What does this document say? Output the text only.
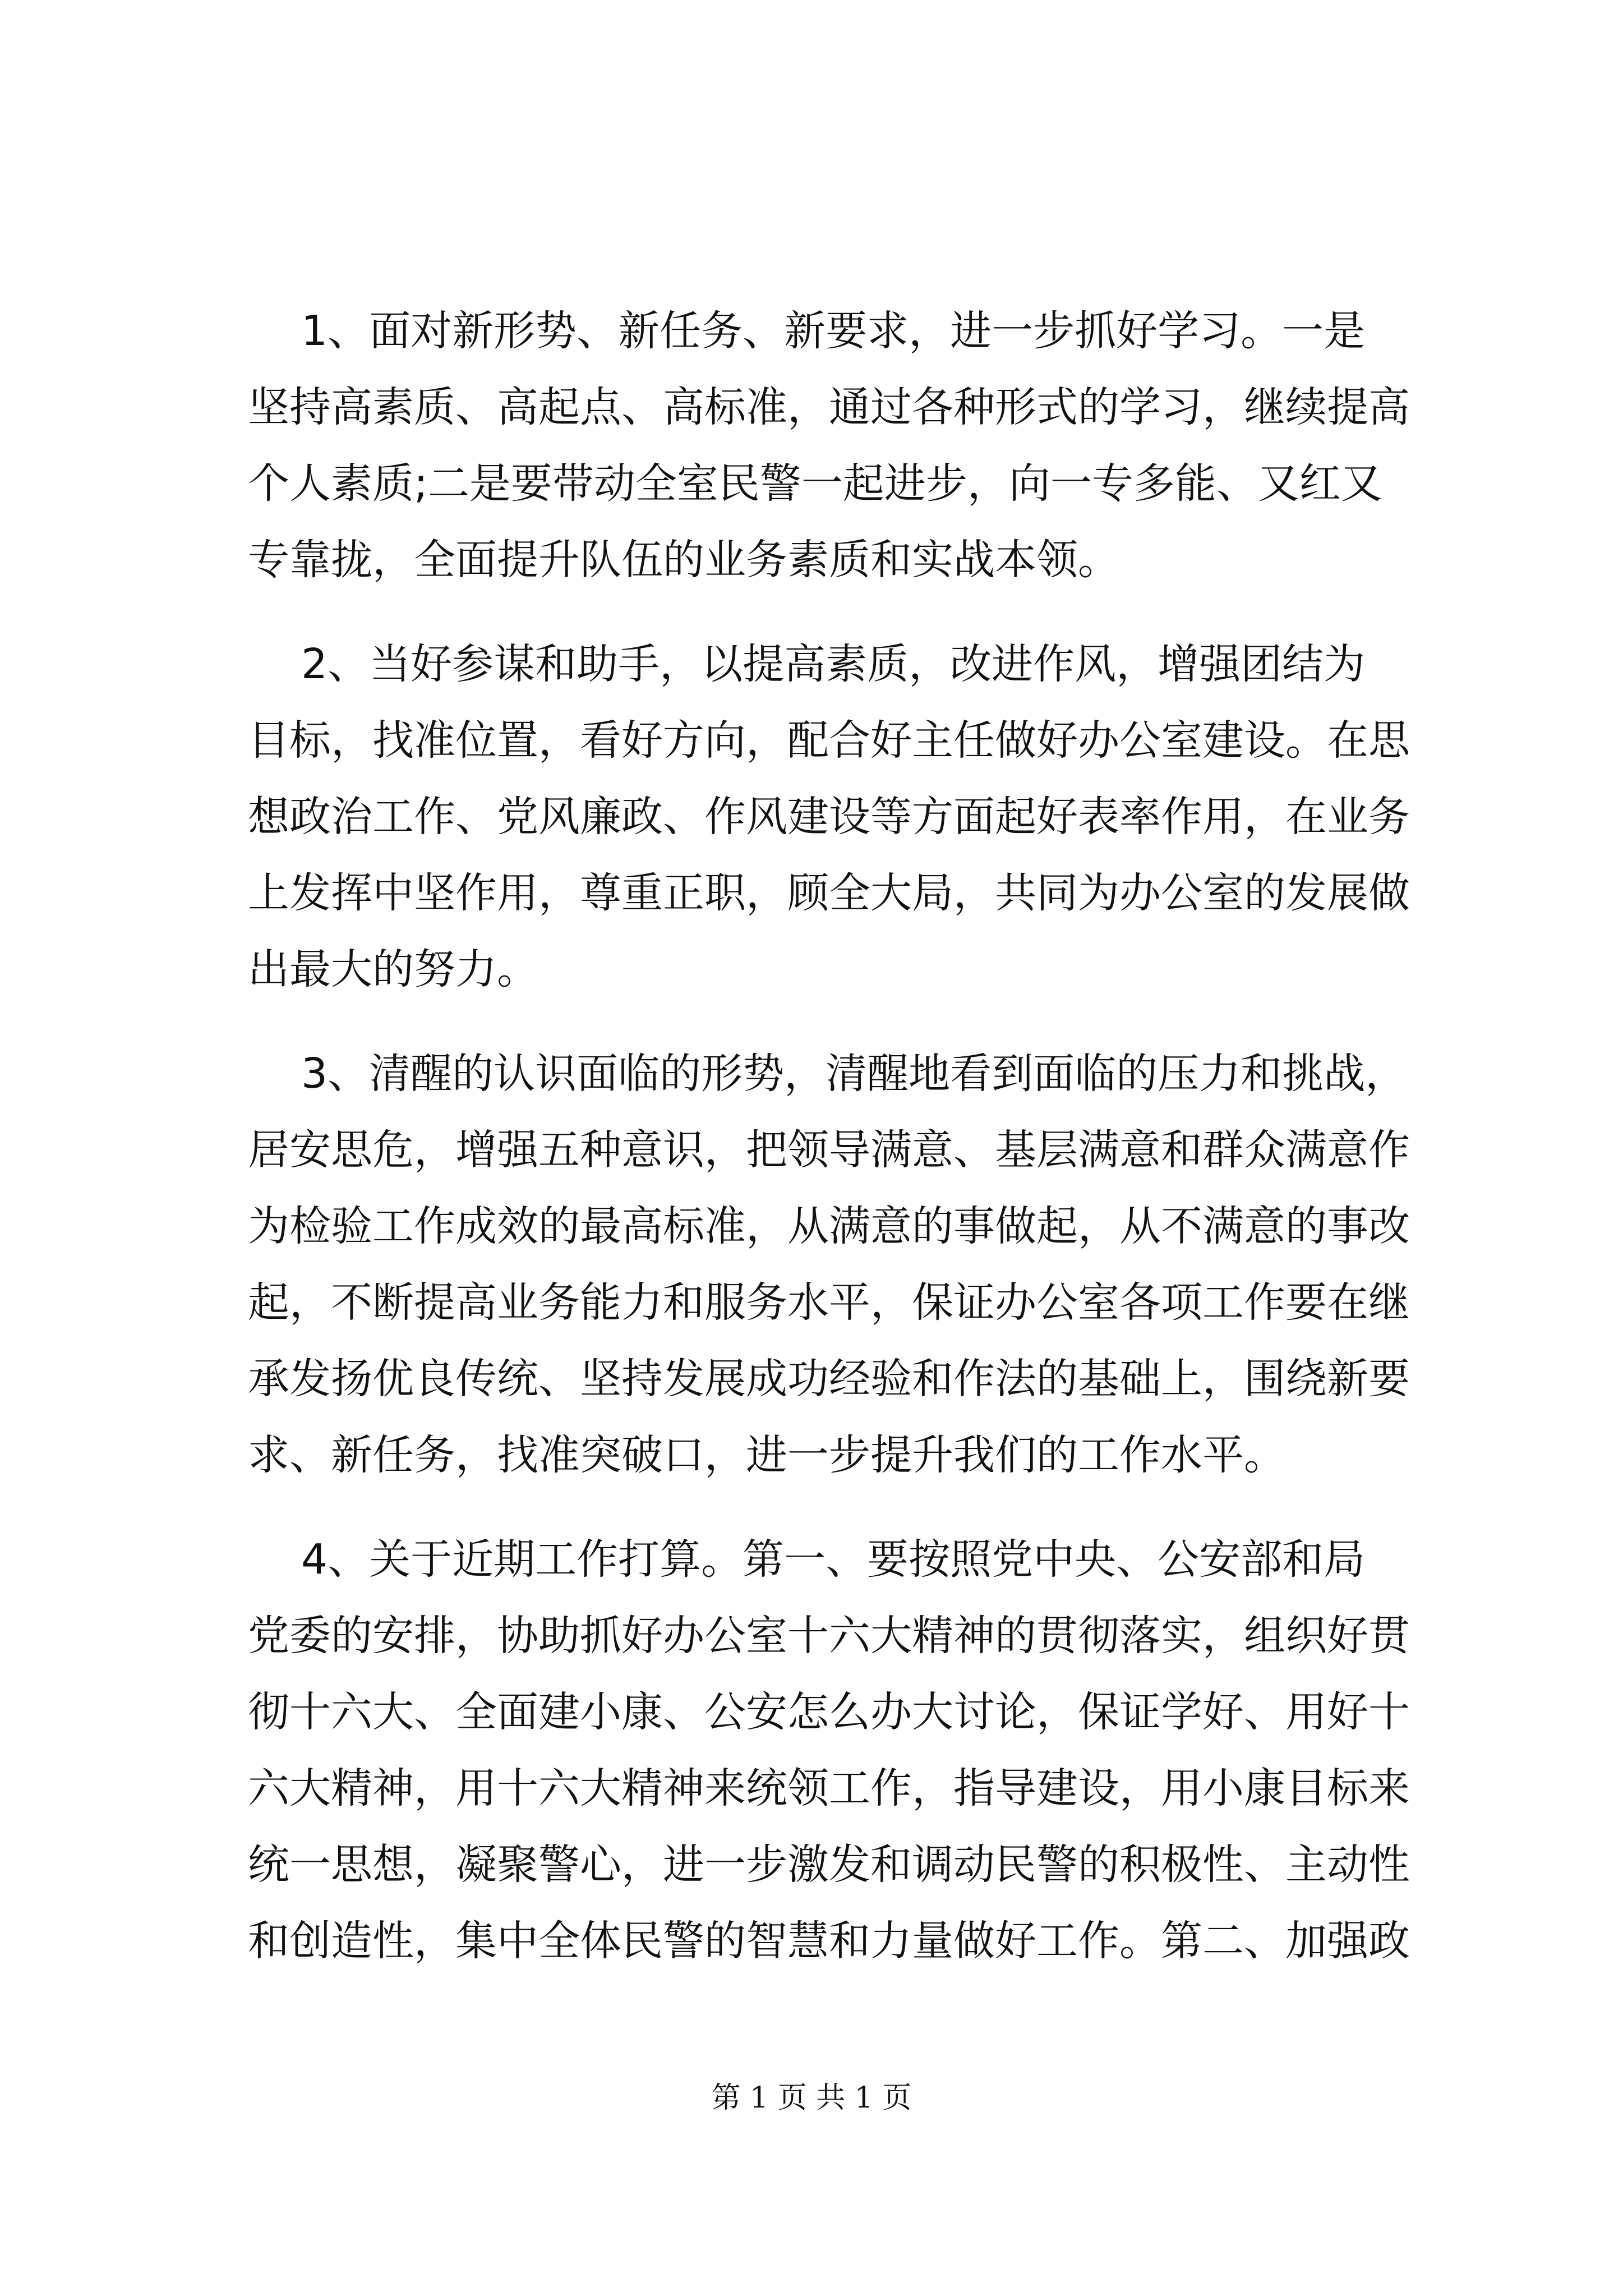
1、面对新形势、新任务、新要求，进一步抓好学习。一是
坚持高素质、高起点、高标准，通过各种形式的学习，继续提高
个人素质;二是要带动全室民警一起进步，向一专多能、又红又
专靠拢，全面提升队伍的业务素质和实战本领。
2、当好参谋和助手，以提高素质，改进作风，增强团结为
目标，找准位置，看好方向，配合好主任做好办公室建设。在思
想政治工作、党风廉政、作风建设等方面起好表率作用，在业务
上发挥中坚作用，尊重正职，顾全大局，共同为办公室的发展做
出最大的努力。
3、清醒的认识面临的形势，清醒地看到面临的压力和挑战，
居安思危，增强五种意识，把领导满意、基层满意和群众满意作
为检验工作成效的最高标准，从满意的事做起，从不满意的事改
起，不断提高业务能力和服务水平，保证办公室各项工作要在继
承发扬优良传统、坚持发展成功经验和作法的基础上，围绕新要
求、新任务，找准突破口，进一步提升我们的工作水平。
4、关于近期工作打算。第一、要按照党中央、公安部和局
党委的安排，协助抓好办公室十六大精神的贯彻落实，组织好贯
彻十六大、全面建小康、公安怎么办大讨论，保证学好、用好十
六大精神，用十六大精神来统领工作，指导建设，用小康目标来
统一思想，凝聚警心，进一步激发和调动民警的积极性、主动性
和创造性，集中全体民警的智慧和力量做好工作。第二、加强政
第 1 页 共 1 页
